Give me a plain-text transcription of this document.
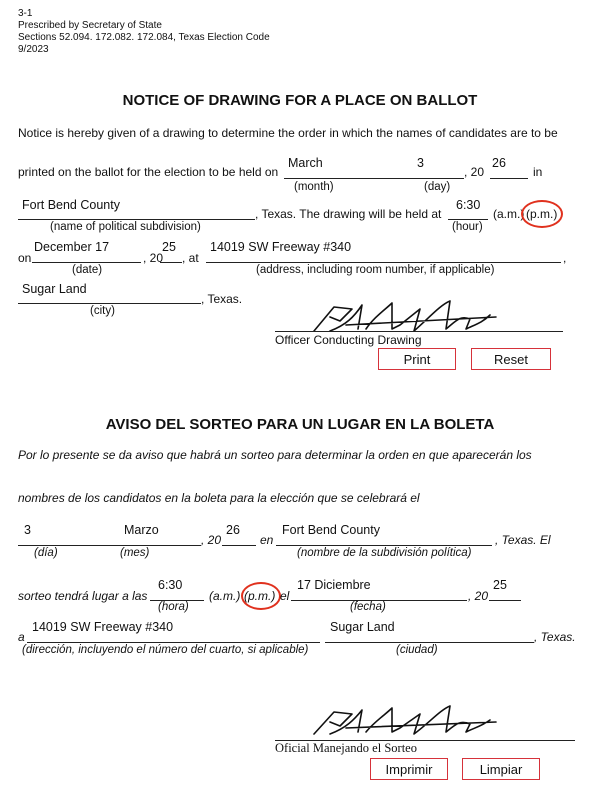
3-1
Prescribed by Secretary of State
Sections 52.094. 172.082. 172.084, Texas Election Code
9/2023
NOTICE OF DRAWING FOR A PLACE ON BALLOT
Notice is hereby given of a drawing to determine the order in which the names of candidates are to be
printed on the ballot for the election to be held on
March	3
, 20
26
in
(month)	(day)
Fort Bend County
, Texas. The drawing will be held at
6:30
(a.m.) (p.m.)
(name of political subdivision)	(hour)
on
December 17
, 20
25
, at
14019 SW Freeway #340
,
(date)	(address, including room number, if applicable)
Sugar Land
, Texas.
(city)
Officer Conducting Drawing
Print	Reset
AVISO DEL SORTEO PARA UN LUGAR EN LA BOLETA
Por lo presente se da aviso que habrá un sorteo para determinar la orden en que aparecerán los
nombres de los candidatos en la boleta para la elección que se celebrará el
3	Marzo
, 20
26
en
Fort Bend County
, Texas. El
(día)	(mes)	(nombre de la subdivisión política)
sorteo tendrá lugar a las
6:30
(a.m.) (p.m.) el
17 Diciembre
, 20
25
(hora)	(fecha)
a
14019 SW Freeway #340	Sugar Land
, Texas.
(dirección, incluyendo el número del cuarto, si aplicable)	(ciudad)
Oficial Manejando el Sorteo
Imprimir	Limpiar
